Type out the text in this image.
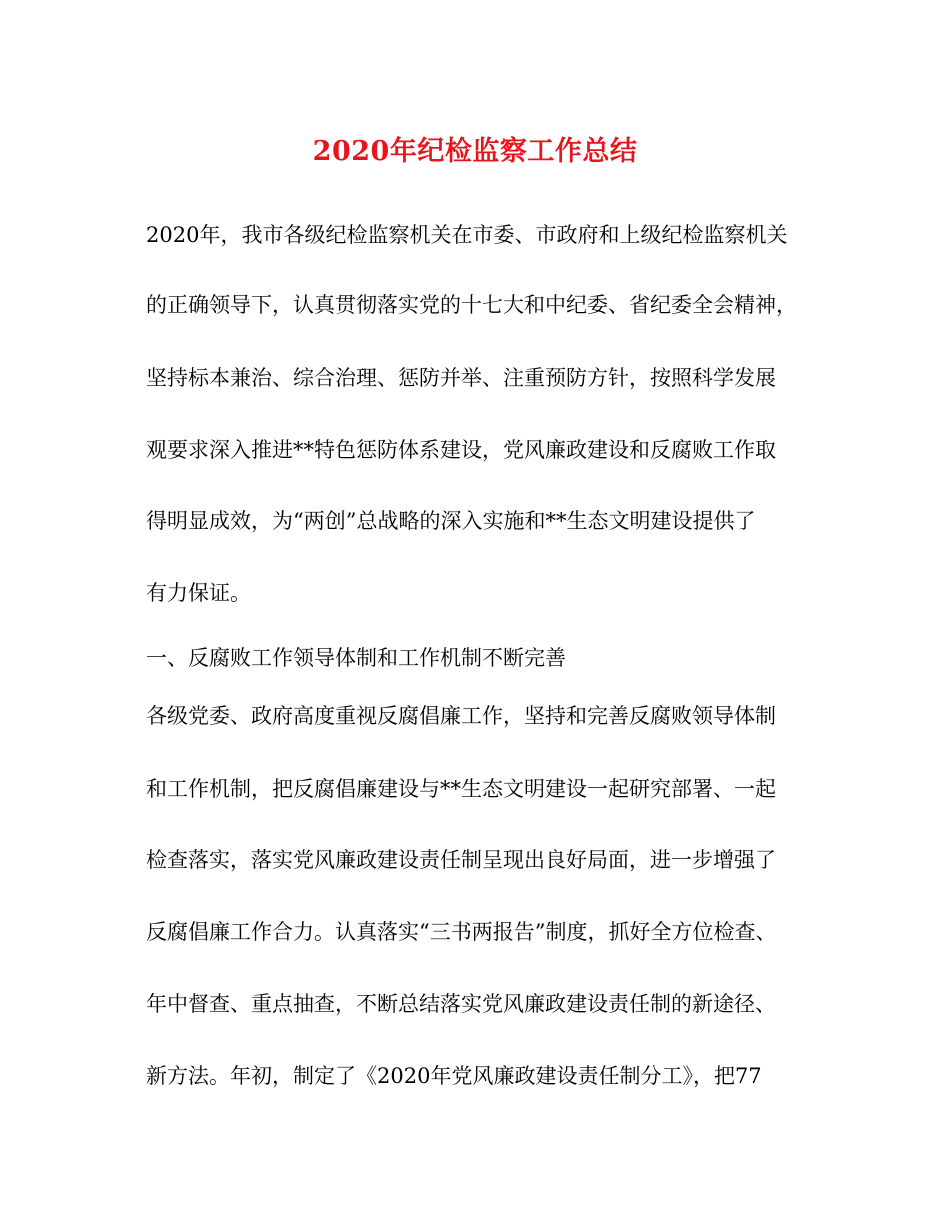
2020年纪检监察工作总结

2020年，我市各级纪检监察机关在市委、市政府和上级纪检监察机关

的正确领导下，认真贯彻落实党的十七大和中纪委、省纪委全会精神，

坚持标本兼治、综合治理、惩防并举、注重预防方针，按照科学发展

观要求深入推进**特色惩防体系建设，党风廉政建设和反腐败工作取

得明显成效，为“两创”总战略的深入实施和**生态文明建设提供了

有力保证。

一、反腐败工作领导体制和工作机制不断完善

各级党委、政府高度重视反腐倡廉工作，坚持和完善反腐败领导体制

和工作机制，把反腐倡廉建设与**生态文明建设一起研究部署、一起

检查落实，落实党风廉政建设责任制呈现出良好局面，进一步增强了

反腐倡廉工作合力。认真落实“三书两报告”制度，抓好全方位检查、

年中督查、重点抽查，不断总结落实党风廉政建设责任制的新途径、

新方法。年初，制定了《2020年党风廉政建设责任制分工》，把77
